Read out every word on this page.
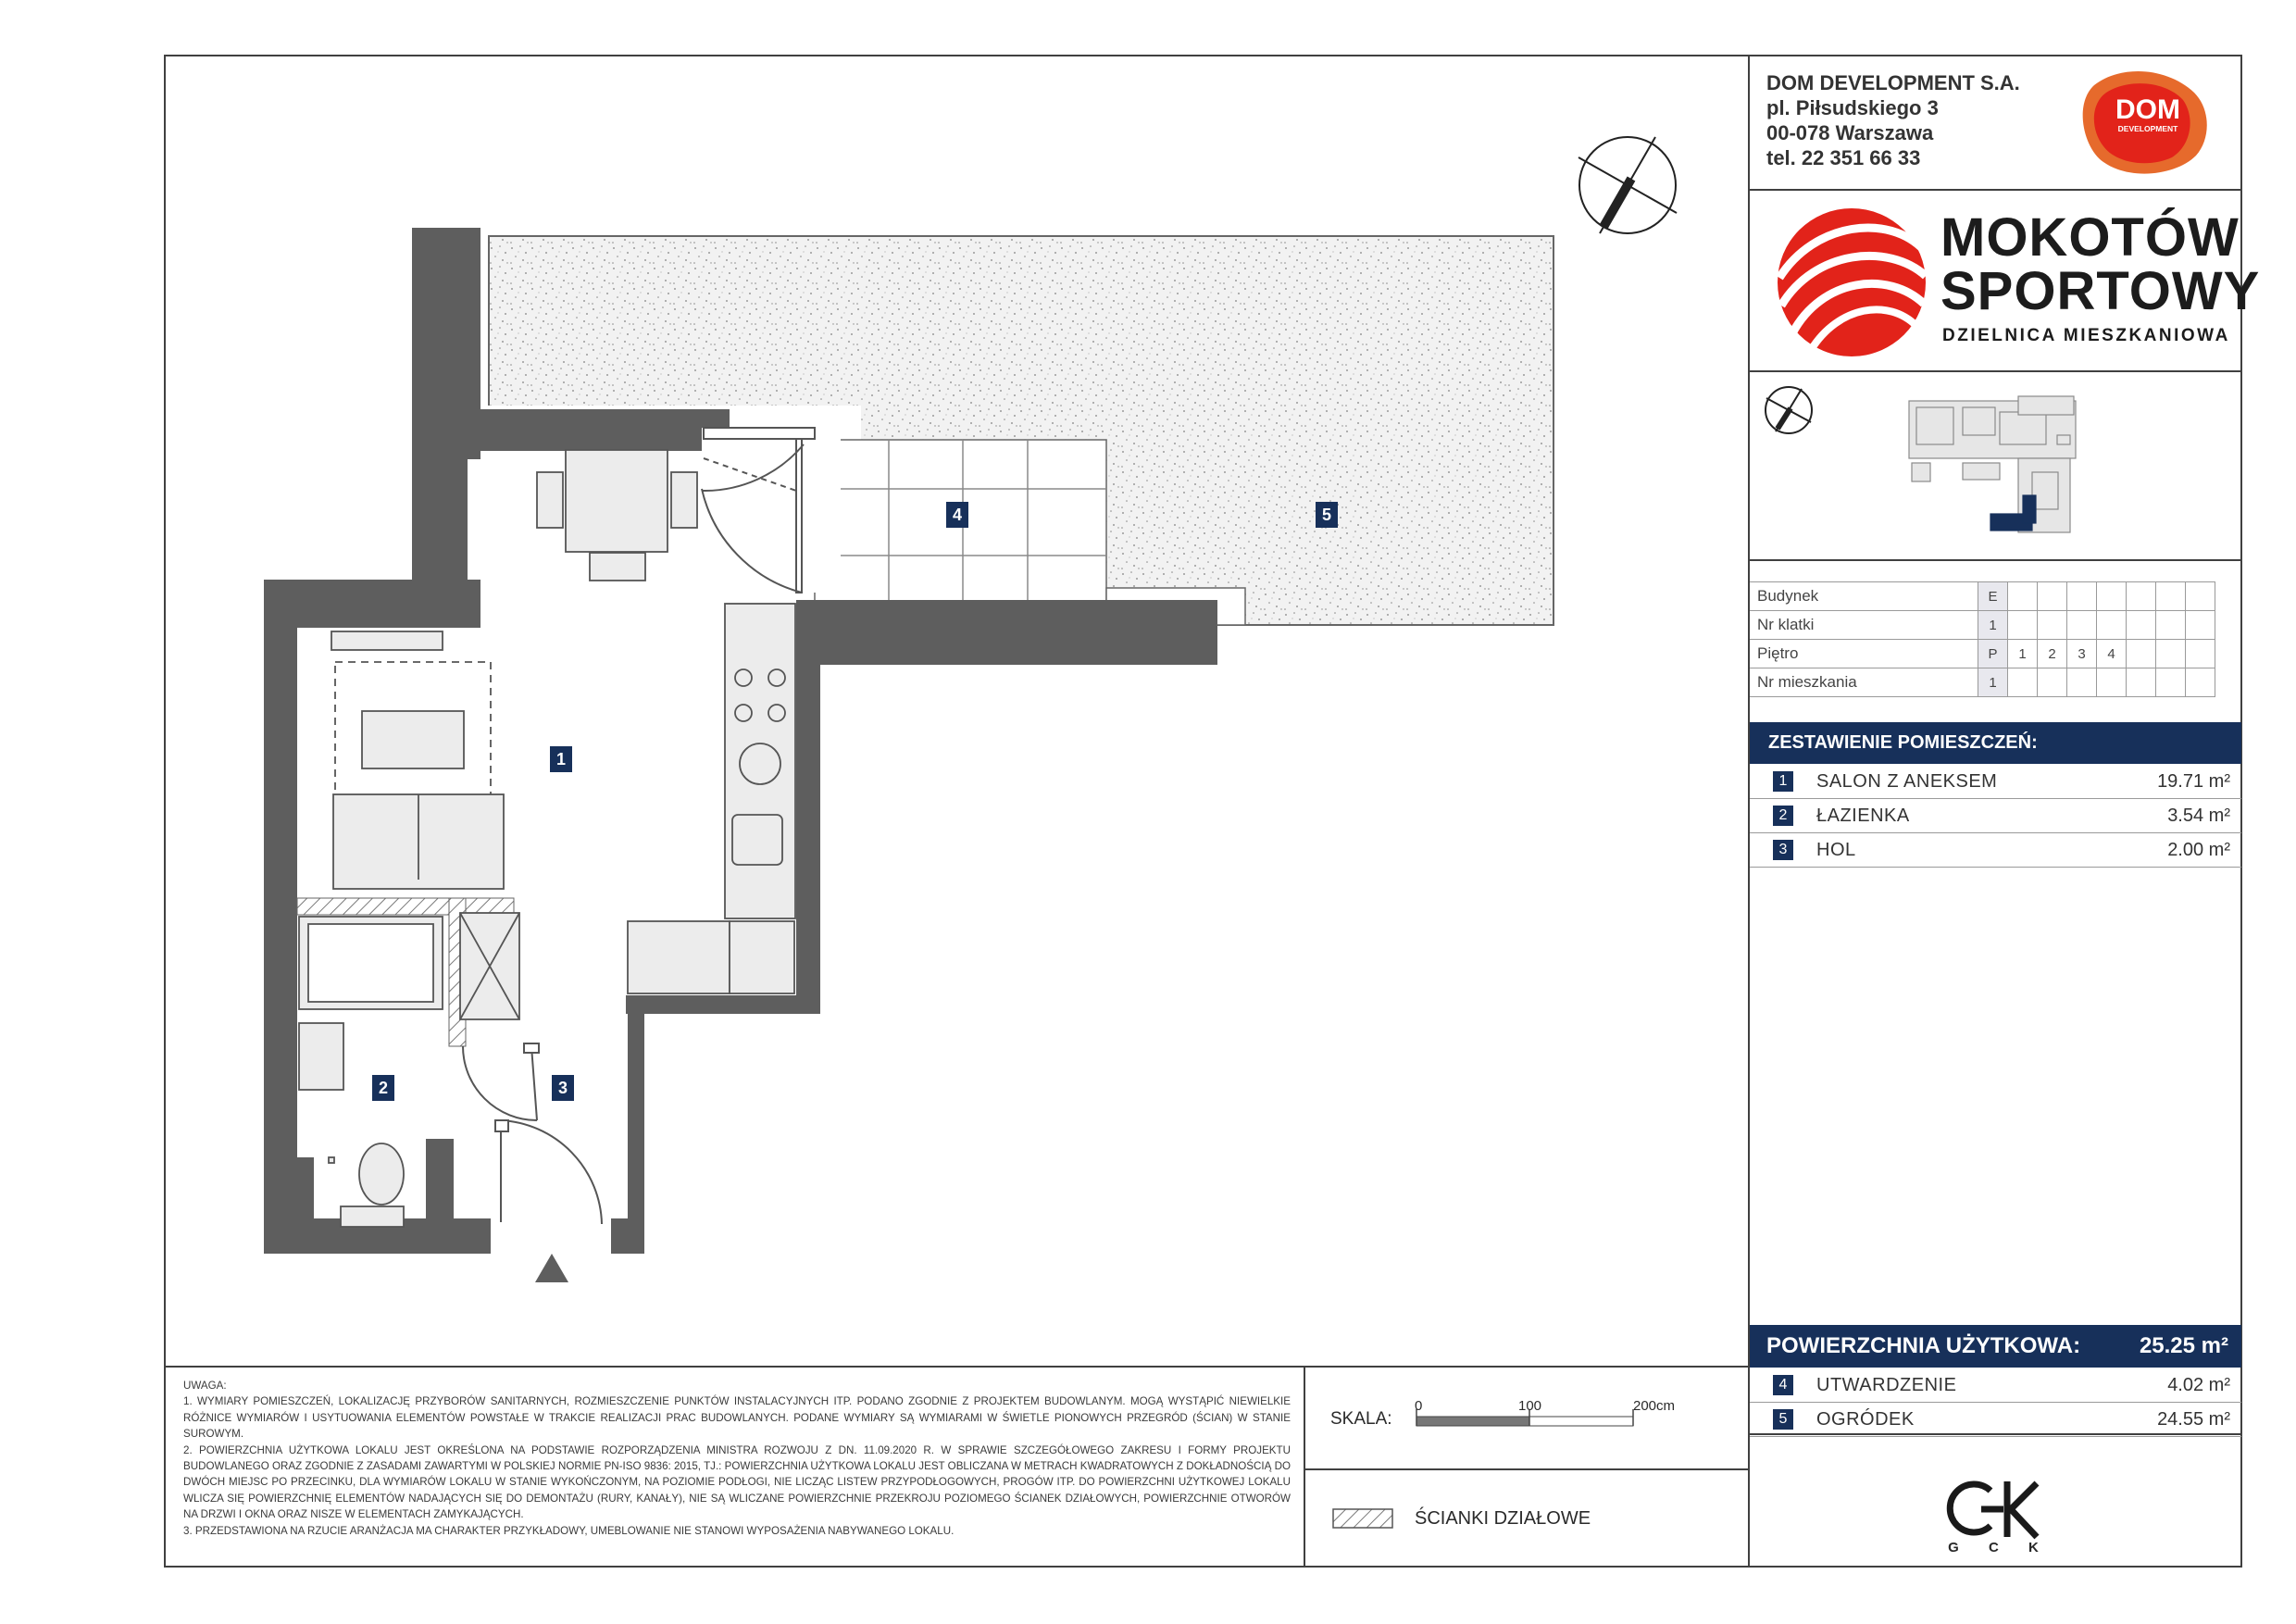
1
2	3
4	5
DOM DEVELOPMENT S.A.
pl. Piłsudskiego 3
00-078 Warszawa
tel. 22 351 66 33
DOM
DEVELOPMENT
MOKOTÓW
SPORTOWY
DZIELNICA MIESZKANIOWA
Budynek	E							
Nr klatki	1							
Piętro	P	1	2	3	4			
Nr mieszkania	1							
ZESTAWIENIE POMIESZCZEŃ:
1	SALON Z ANEKSEM	19.71 m²
2	ŁAZIENKA	3.54 m²
3	HOL	2.00 m²
POWIERZCHNIA UŻYTKOWA:	25.25 m²
4	UTWARDZENIE	4.02 m²
5	OGRÓDEK	24.55 m²

UWAGA:

1. WYMIARY POMIESZCZEŃ, LOKALIZACJĘ PRZYBORÓW SANITARNYCH, ROZMIESZCZENIE PUNKTÓW INSTALACYJNYCH ITP. PODANO ZGODNIE Z PROJEKTEM BUDOWLANYM. MOGĄ WYSTĄPIĆ NIEWIELKIE RÓŻNICE WYMIARÓW I USYTUOWANIA ELEMENTÓW POWSTAŁE W TRAKCIE REALIZACJI PRAC BUDOWLANYCH. PODANE WYMIARY SĄ WYMIARAMI W ŚWIETLE PIONOWYCH PRZEGRÓD (ŚCIAN) W STANIE SUROWYM.

2. POWIERZCHNIA UŻYTKOWA LOKALU JEST OKREŚLONA NA PODSTAWIE ROZPORZĄDZENIA MINISTRA ROZWOJU Z DN. 11.09.2020 R. W SPRAWIE SZCZEGÓŁOWEGO ZAKRESU I FORMY PROJEKTU BUDOWLANEGO ORAZ ZGODNIE Z ZASADAMI ZAWARTYMI W POLSKIEJ NORMIE PN-ISO 9836: 2015, TJ.: POWIERZCHNIA UŻYTKOWA LOKALU JEST OBLICZANA W METRACH KWADRATOWYCH Z DOKŁADNOŚCIĄ DO DWÓCH MIEJSC PO PRZECINKU, DLA WYMIARÓW LOKALU W STANIE WYKOŃCZONYM, NA POZIOMIE PODŁOGI, NIE LICZĄC LISTEW PRZYPODŁOGOWYCH, PROGÓW ITP. DO POWIERZCHNI UŻYTKOWEJ LOKALU WLICZA SIĘ POWIERZCHNIĘ ELEMENTÓW NADAJĄCYCH SIĘ DO DEMONTAŻU (RURY, KANAŁY), NIE SĄ WLICZANE POWIERZCHNIE PRZEKROJU POZIOMEGO ŚCIANEK DZIAŁOWYCH, POWIERZCHNIE OTWORÓW NA DRZWI I OKNA ORAZ NISZE W ELEMENTACH ZAMYKAJĄCYCH.

3. PRZEDSTAWIONA NA RZUCIE ARANŻACJA MA CHARAKTER PRZYKŁADOWY, UMEBLOWANIE NIE STANOWI WYPOSAŻENIA NABYWANEGO LOKALU.

SKALA:
0	100	200cm
ŚCIANKI DZIAŁOWE
G C K
